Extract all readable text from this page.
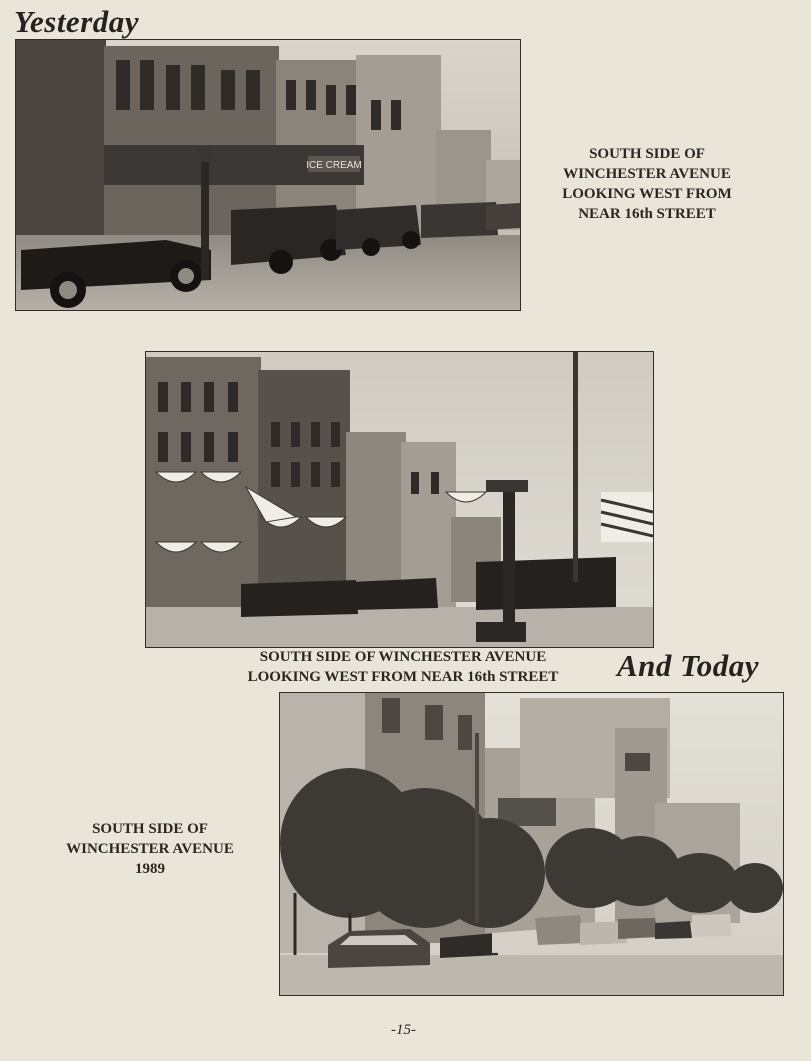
Yesterday
ICE CREAM
SOUTH SIDE OF
WINCHESTER AVENUE
LOOKING WEST FROM
NEAR 16th STREET
SOUTH SIDE OF WINCHESTER AVENUE
LOOKING WEST FROM NEAR 16th STREET	And Today
SOUTH SIDE OF
WINCHESTER AVENUE
1989
-15-
